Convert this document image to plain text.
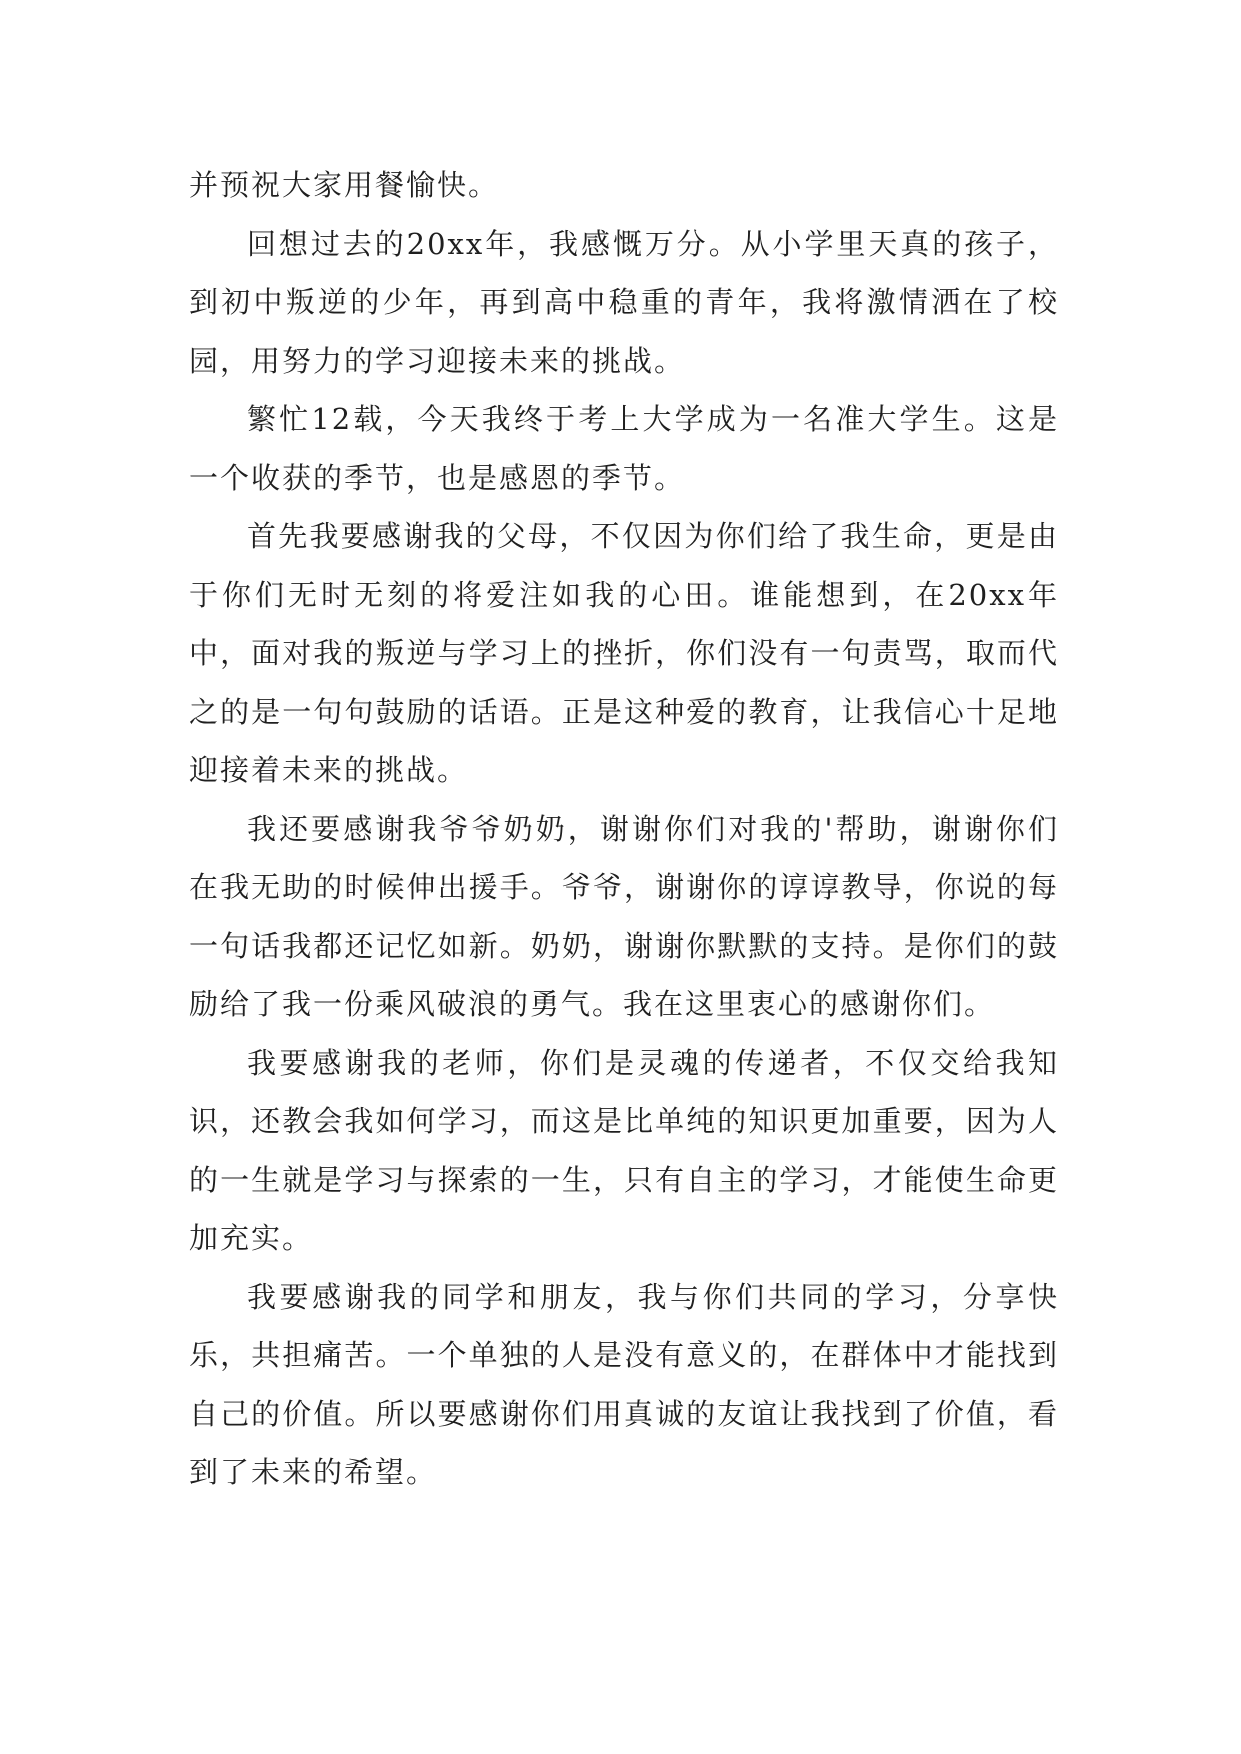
并预祝大家用餐愉快。

回想过去的20xx年，我感慨万分。从小学里天真的孩子，到初中叛逆的少年，再到高中稳重的青年，我将激情洒在了校园，用努力的学习迎接未来的挑战。

繁忙12载，今天我终于考上大学成为一名准大学生。这是一个收获的季节，也是感恩的季节。

首先我要感谢我的父母，不仅因为你们给了我生命，更是由于你们无时无刻的将爱注如我的心田。谁能想到，在20xx年中，面对我的叛逆与学习上的挫折，你们没有一句责骂，取而代之的是一句句鼓励的话语。正是这种爱的教育，让我信心十足地迎接着未来的挑战。

我还要感谢我爷爷奶奶，谢谢你们对我的'帮助，谢谢你们在我无助的时候伸出援手。爷爷，谢谢你的谆谆教导，你说的每一句话我都还记忆如新。奶奶，谢谢你默默的支持。是你们的鼓励给了我一份乘风破浪的勇气。我在这里衷心的感谢你们。

我要感谢我的老师，你们是灵魂的传递者，不仅交给我知识，还教会我如何学习，而这是比单纯的知识更加重要，因为人的一生就是学习与探索的一生，只有自主的学习，才能使生命更加充实。

我要感谢我的同学和朋友，我与你们共同的学习，分享快乐，共担痛苦。一个单独的人是没有意义的，在群体中才能找到自己的价值。所以要感谢你们用真诚的友谊让我找到了价值，看到了未来的希望。
